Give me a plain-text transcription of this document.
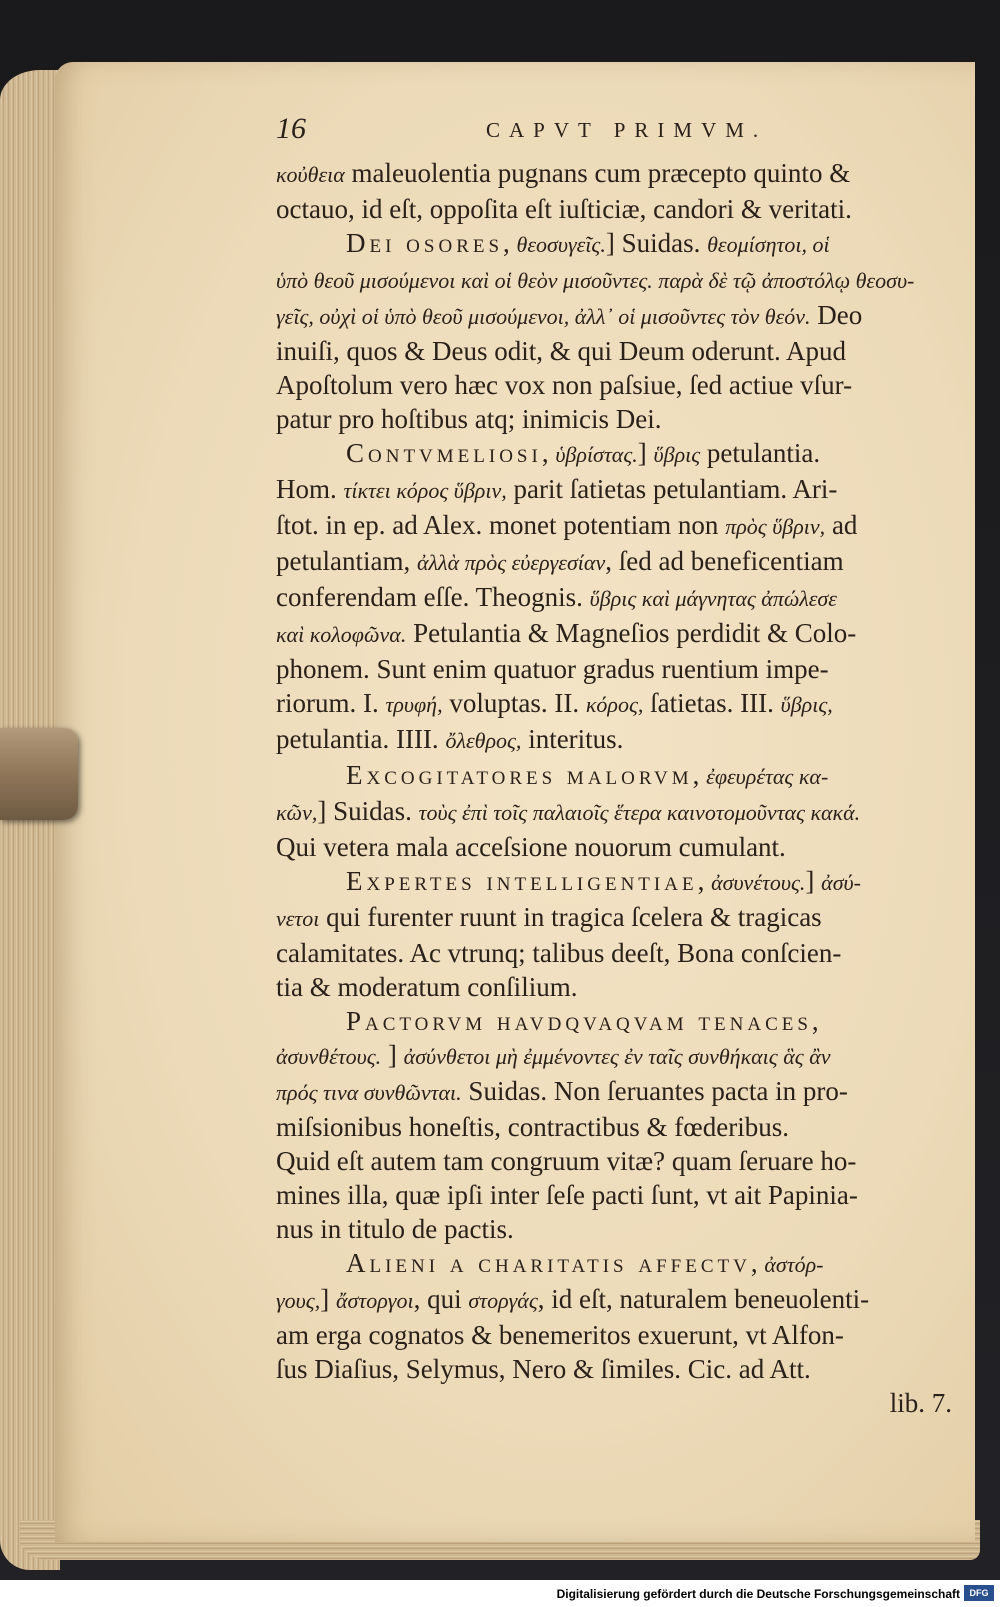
16	CAPVT PRIMVM.
κοὐθεια maleuolentia pugnans cum præcepto quinto &
octauo, id eſt, oppoſita eſt iuſticiæ, candori & veritati.
Dei osores, θεοσυγεῖς.] Suidas. θεομίσητοι, οἱ
ὑπὸ θεοῦ μισούμενοι καὶ οἱ θεὸν μισοῦντες. παρὰ δὲ τῷ ἀποστόλῳ θεοσυ-
γεῖς, οὐχὶ οἱ ὑπὸ θεοῦ μισούμενοι, ἀλλ᾽ οἱ μισοῦντες τὸν θεόν. Deo
inuiſi, quos & Deus odit, & qui Deum oderunt. Apud
Apoſtolum vero hæc vox non paſsiue, ſed actiue vſur-
patur pro hoſtibus atq; inimicis Dei.
Contvmeliosi, ὑβρίστας.] ὕβρις petulantia.
Hom. τίκτει κόρος ὕβριν, parit ſatietas petulantiam. Ari-
ſtot. in ep. ad Alex. monet potentiam non πρὸς ὕβριν, ad
petulantiam, ἀλλὰ πρὸς εὐεργεσίαν, ſed ad beneficentiam
conferendam eſſe. Theognis. ὕβρις καὶ μάγνητας ἀπώλεσε
καὶ κολοφῶνα. Petulantia & Magneſios perdidit & Colo-
phonem. Sunt enim quatuor gradus ruentium impe-
riorum. I. τρυφή, voluptas. II. κόρος, ſatietas. III. ὕβρις,
petulantia. IIII. ὄλεθρος, interitus.
Excogitatores malorvm, ἐφευρέτας κα-
κῶν,] Suidas. τοὺς ἐπὶ τοῖς παλαιοῖς ἕτερα καινοτομοῦντας κακά.
Qui vetera mala acceſsione nouorum cumulant.
Expertes intelligentiae, ἀσυνέτους.] ἀσύ-
νετοι qui furenter ruunt in tragica ſcelera & tragicas
calamitates. Ac vtrunq; talibus deeſt, Bona conſcien-
tia & moderatum conſilium.
Pactorvm havdqvaqvam tenaces,
ἀσυνθέτους. ] ἀσύνθετοι μὴ ἐμμένοντες ἐν ταῖς συνθήκαις ἃς ἂν
πρός τινα συνθῶνται. Suidas. Non ſeruantes pacta in pro-
miſsionibus honeſtis, contractibus & fœderibus.
Quid eſt autem tam congruum vitæ? quam ſeruare ho-
mines illa, quæ ipſi inter ſeſe pacti ſunt, vt ait Papinia-
nus in titulo de pactis.
Alieni a charitatis affectv, ἀστόρ-
γους,] ἄστοργοι, qui στοργάς, id eſt, naturalem beneuolenti-
am erga cognatos & benemeritos exuerunt, vt Alfon-
ſus Diaſius, Selymus, Nero & ſimiles. Cic. ad Att.
lib. 7.
Digitalisierung gefördert durch die Deutsche Forschungsgemeinschaft	DFG
